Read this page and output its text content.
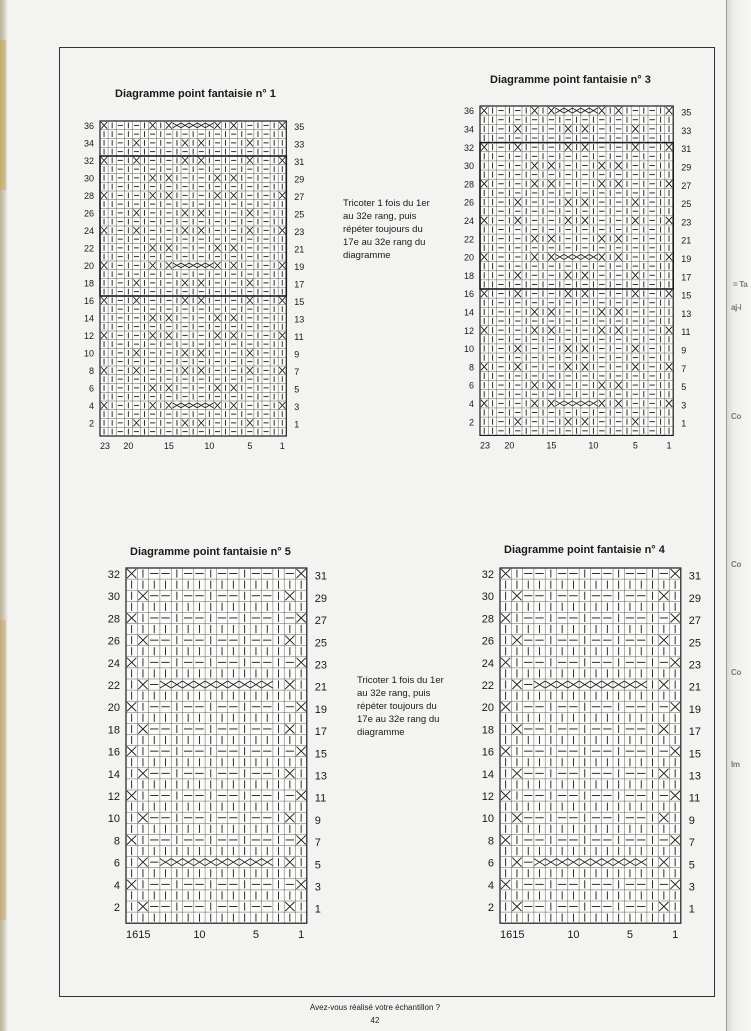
= Ta
aj-i
Co
Co
Co
Im
Diagramme point fantaisie n° 1
36
34
32
30
28
26
24
22
20
18
16
14
12
10
8
6
4
2
35
33
31
29
27
25
23
21
19
17
15
13
11
9
7
5
3
1
23 20	15	10	5	1
Diagramme point fantaisie n° 3
36
34
32
30
28
26
24
22
20
18
16
14
12
10
8
6
4
2
35
33
31
29
27
25
23
21
19
17
15
13
11
9
7
5
3
1
23 20	15	10	5	1
Tricoter 1 fois du 1er
au 32e rang, puis
répéter toujours du
17e au 32e rang du
diagramme
Diagramme point fantaisie n° 5
32
30
28
26
24
22
20
18
16
14
12
10
8
6
4
2
31
29
27
25
23
21
19
17
15
13
11
9
7
5
3
1
1615	10	5	1
Diagramme point fantaisie n° 4
32
30
28
26
24
22
20
18
16
14
12
10
8
6
4
2
31
29
27
25
23
21
19
17
15
13
11
9
7
5
3
1
1615	10	5	1
Tricoter 1 fois du 1er
au 32e rang, puis
répéter toujours du
17e au 32e rang du
diagramme
Avez-vous réalisé votre échantillon ?
42
